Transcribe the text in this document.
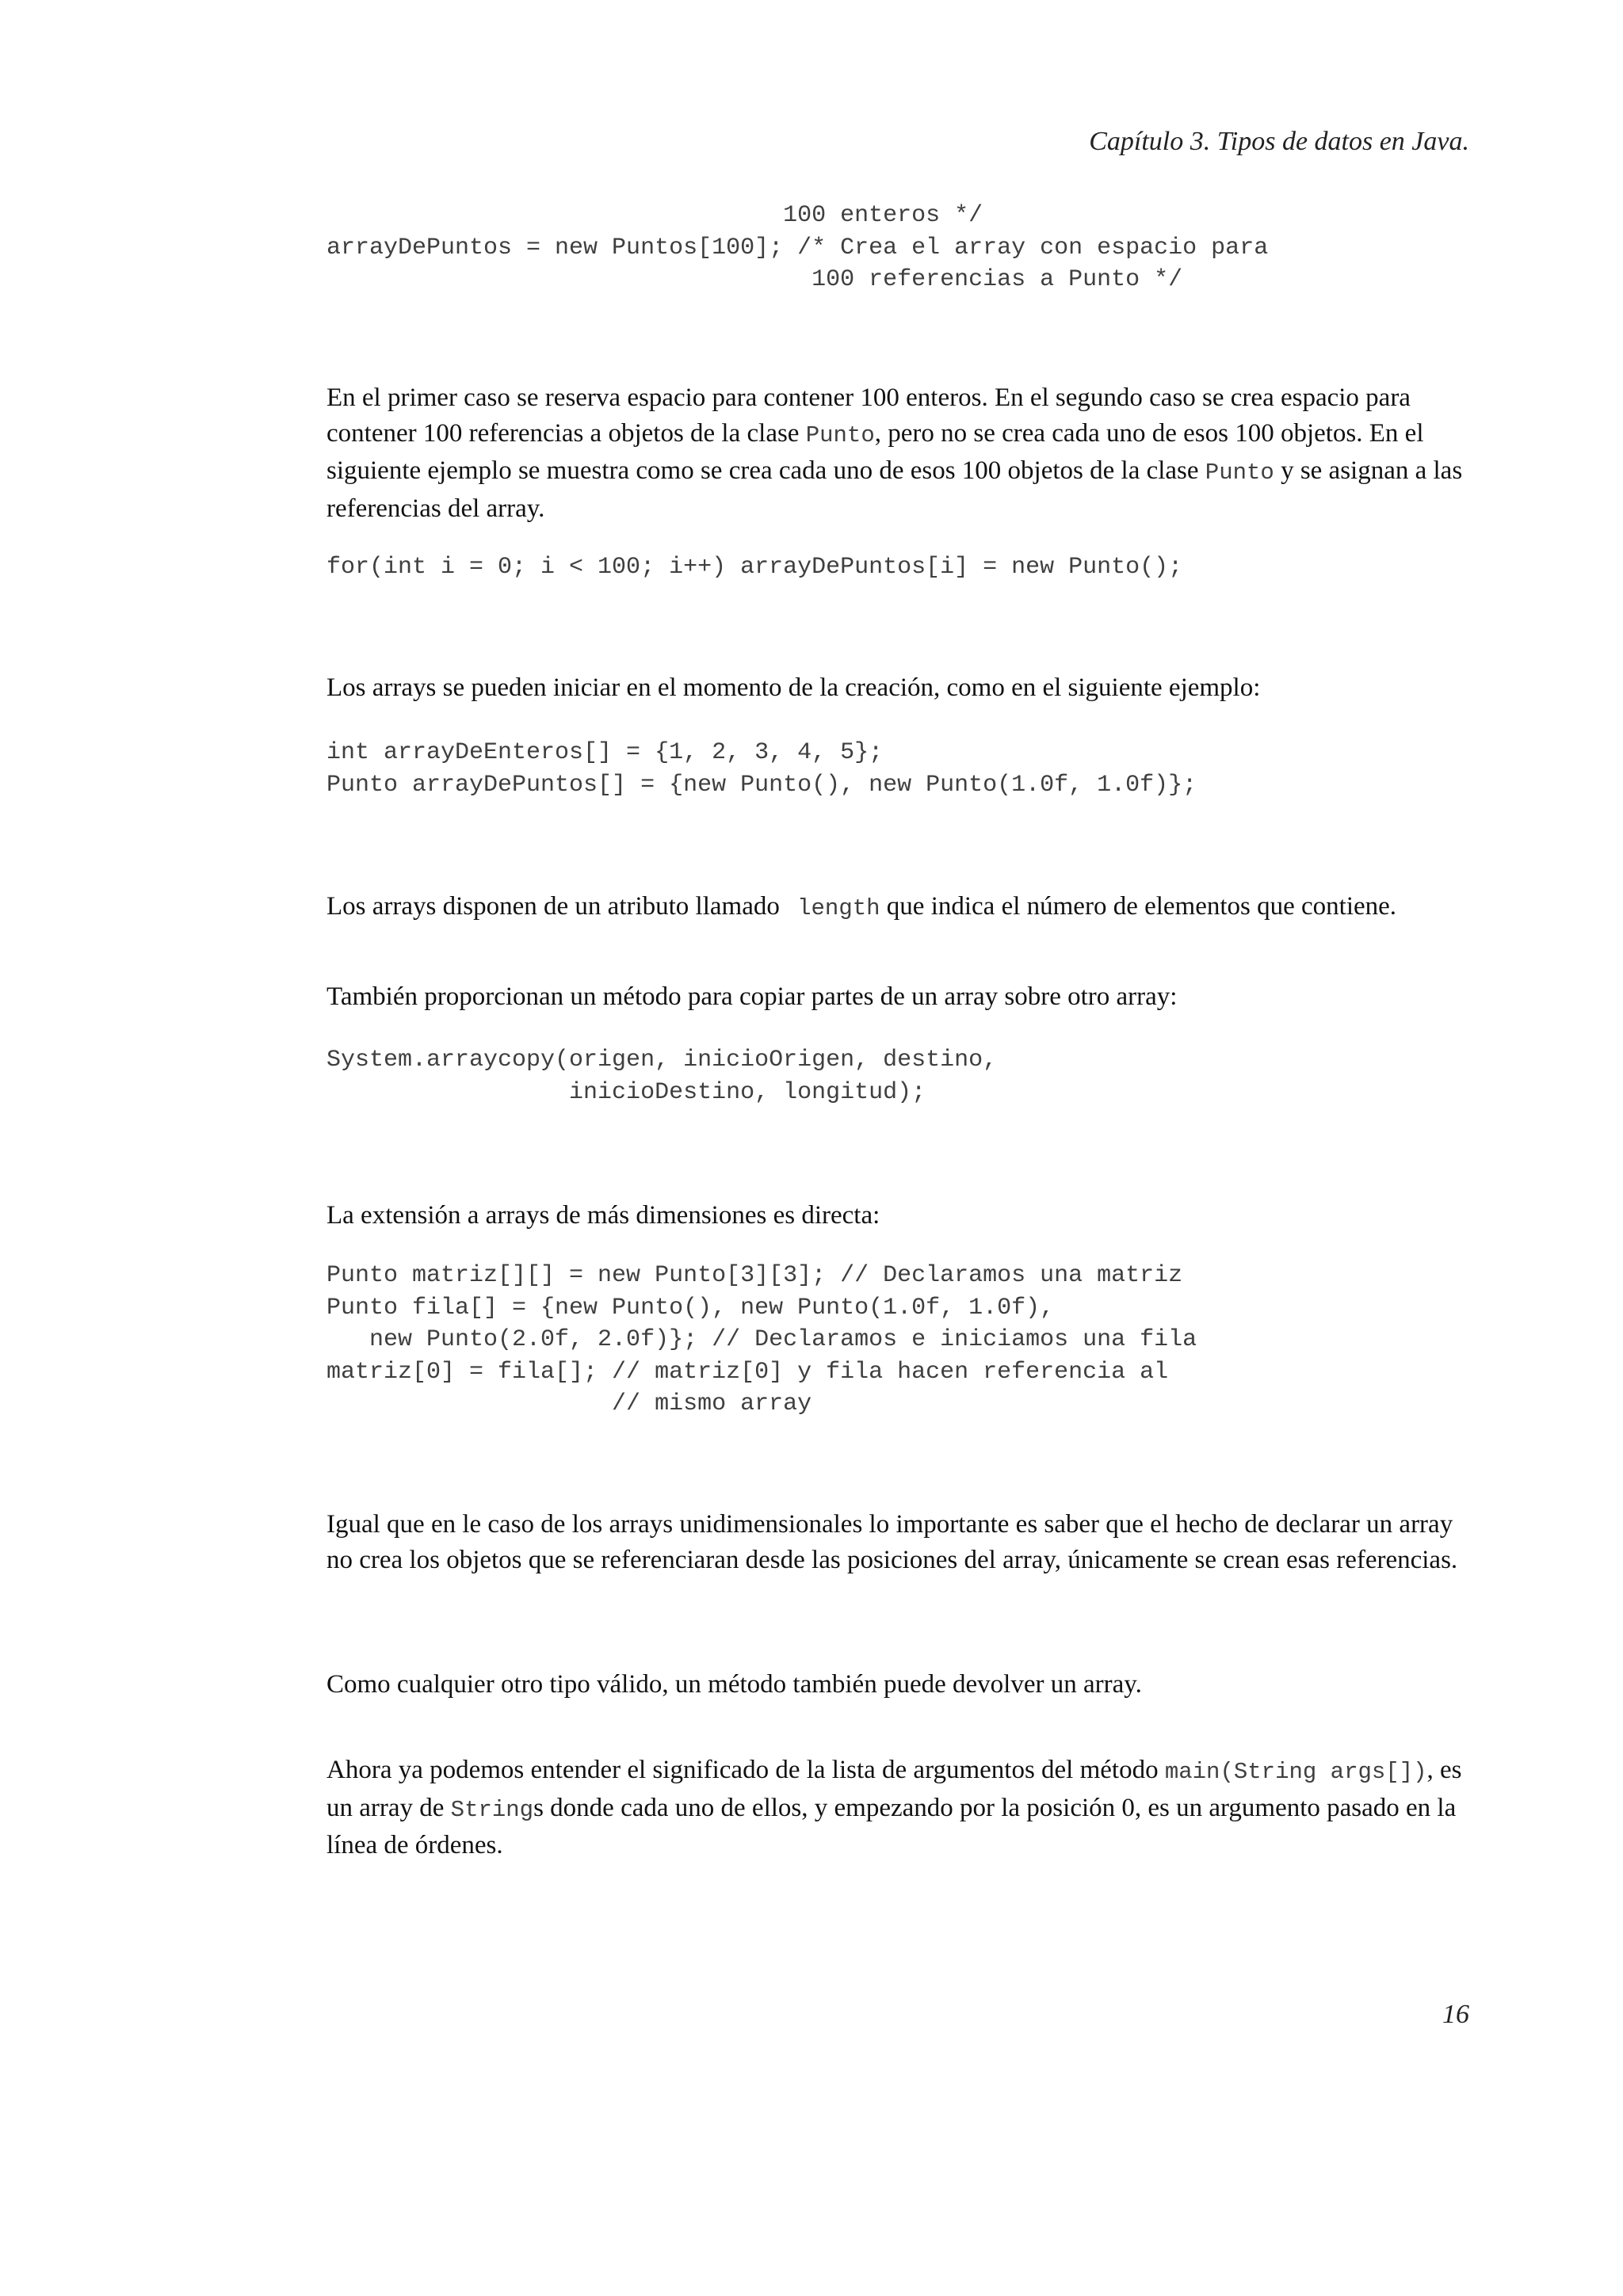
Capítulo 3. Tipos de datos en Java.
100 enteros */
arrayDePuntos = new Puntos[100]; /* Crea el array con espacio para
100 referencias a Punto */

En el primer caso se reserva espacio para contener 100 enteros. En el segundo caso se crea espacio para contener 100 referencias a objetos de la clase Punto, pero no se crea cada uno de esos 100 objetos. En el siguiente ejemplo se muestra como se crea cada uno de esos 100 objetos de la clase Punto y se asignan a las referencias del array.

for(int i = 0; i < 100; i++) arrayDePuntos[i] = new Punto();

Los arrays se pueden iniciar en el momento de la creación, como en el siguiente ejemplo:

int arrayDeEnteros[] = {1, 2, 3, 4, 5};
Punto arrayDePuntos[] = {new Punto(), new Punto(1.0f, 1.0f)};

Los arrays disponen de un atributo llamado length que indica el número de elementos que contiene.

También proporcionan un método para copiar partes de un array sobre otro array:

System.arraycopy(origen, inicioOrigen, destino,
inicioDestino, longitud);

La extensión a arrays de más dimensiones es directa:

Punto matriz[][] = new Punto[3][3]; // Declaramos una matriz
Punto fila[] = {new Punto(), new Punto(1.0f, 1.0f),
new Punto(2.0f, 2.0f)}; // Declaramos e iniciamos una fila
matriz[0] = fila[]; // matriz[0] y fila hacen referencia al
// mismo array

Igual que en le caso de los arrays unidimensionales lo importante es saber que el hecho de declarar un array no crea los objetos que se referenciaran desde las posiciones del array, únicamente se crean esas referencias.

Como cualquier otro tipo válido, un método también puede devolver un array.

Ahora ya podemos entender el significado de la lista de argumentos del método main(String args[]), es un array de Strings donde cada uno de ellos, y empezando por la posición 0, es un argumento pasado en la línea de órdenes.

16
